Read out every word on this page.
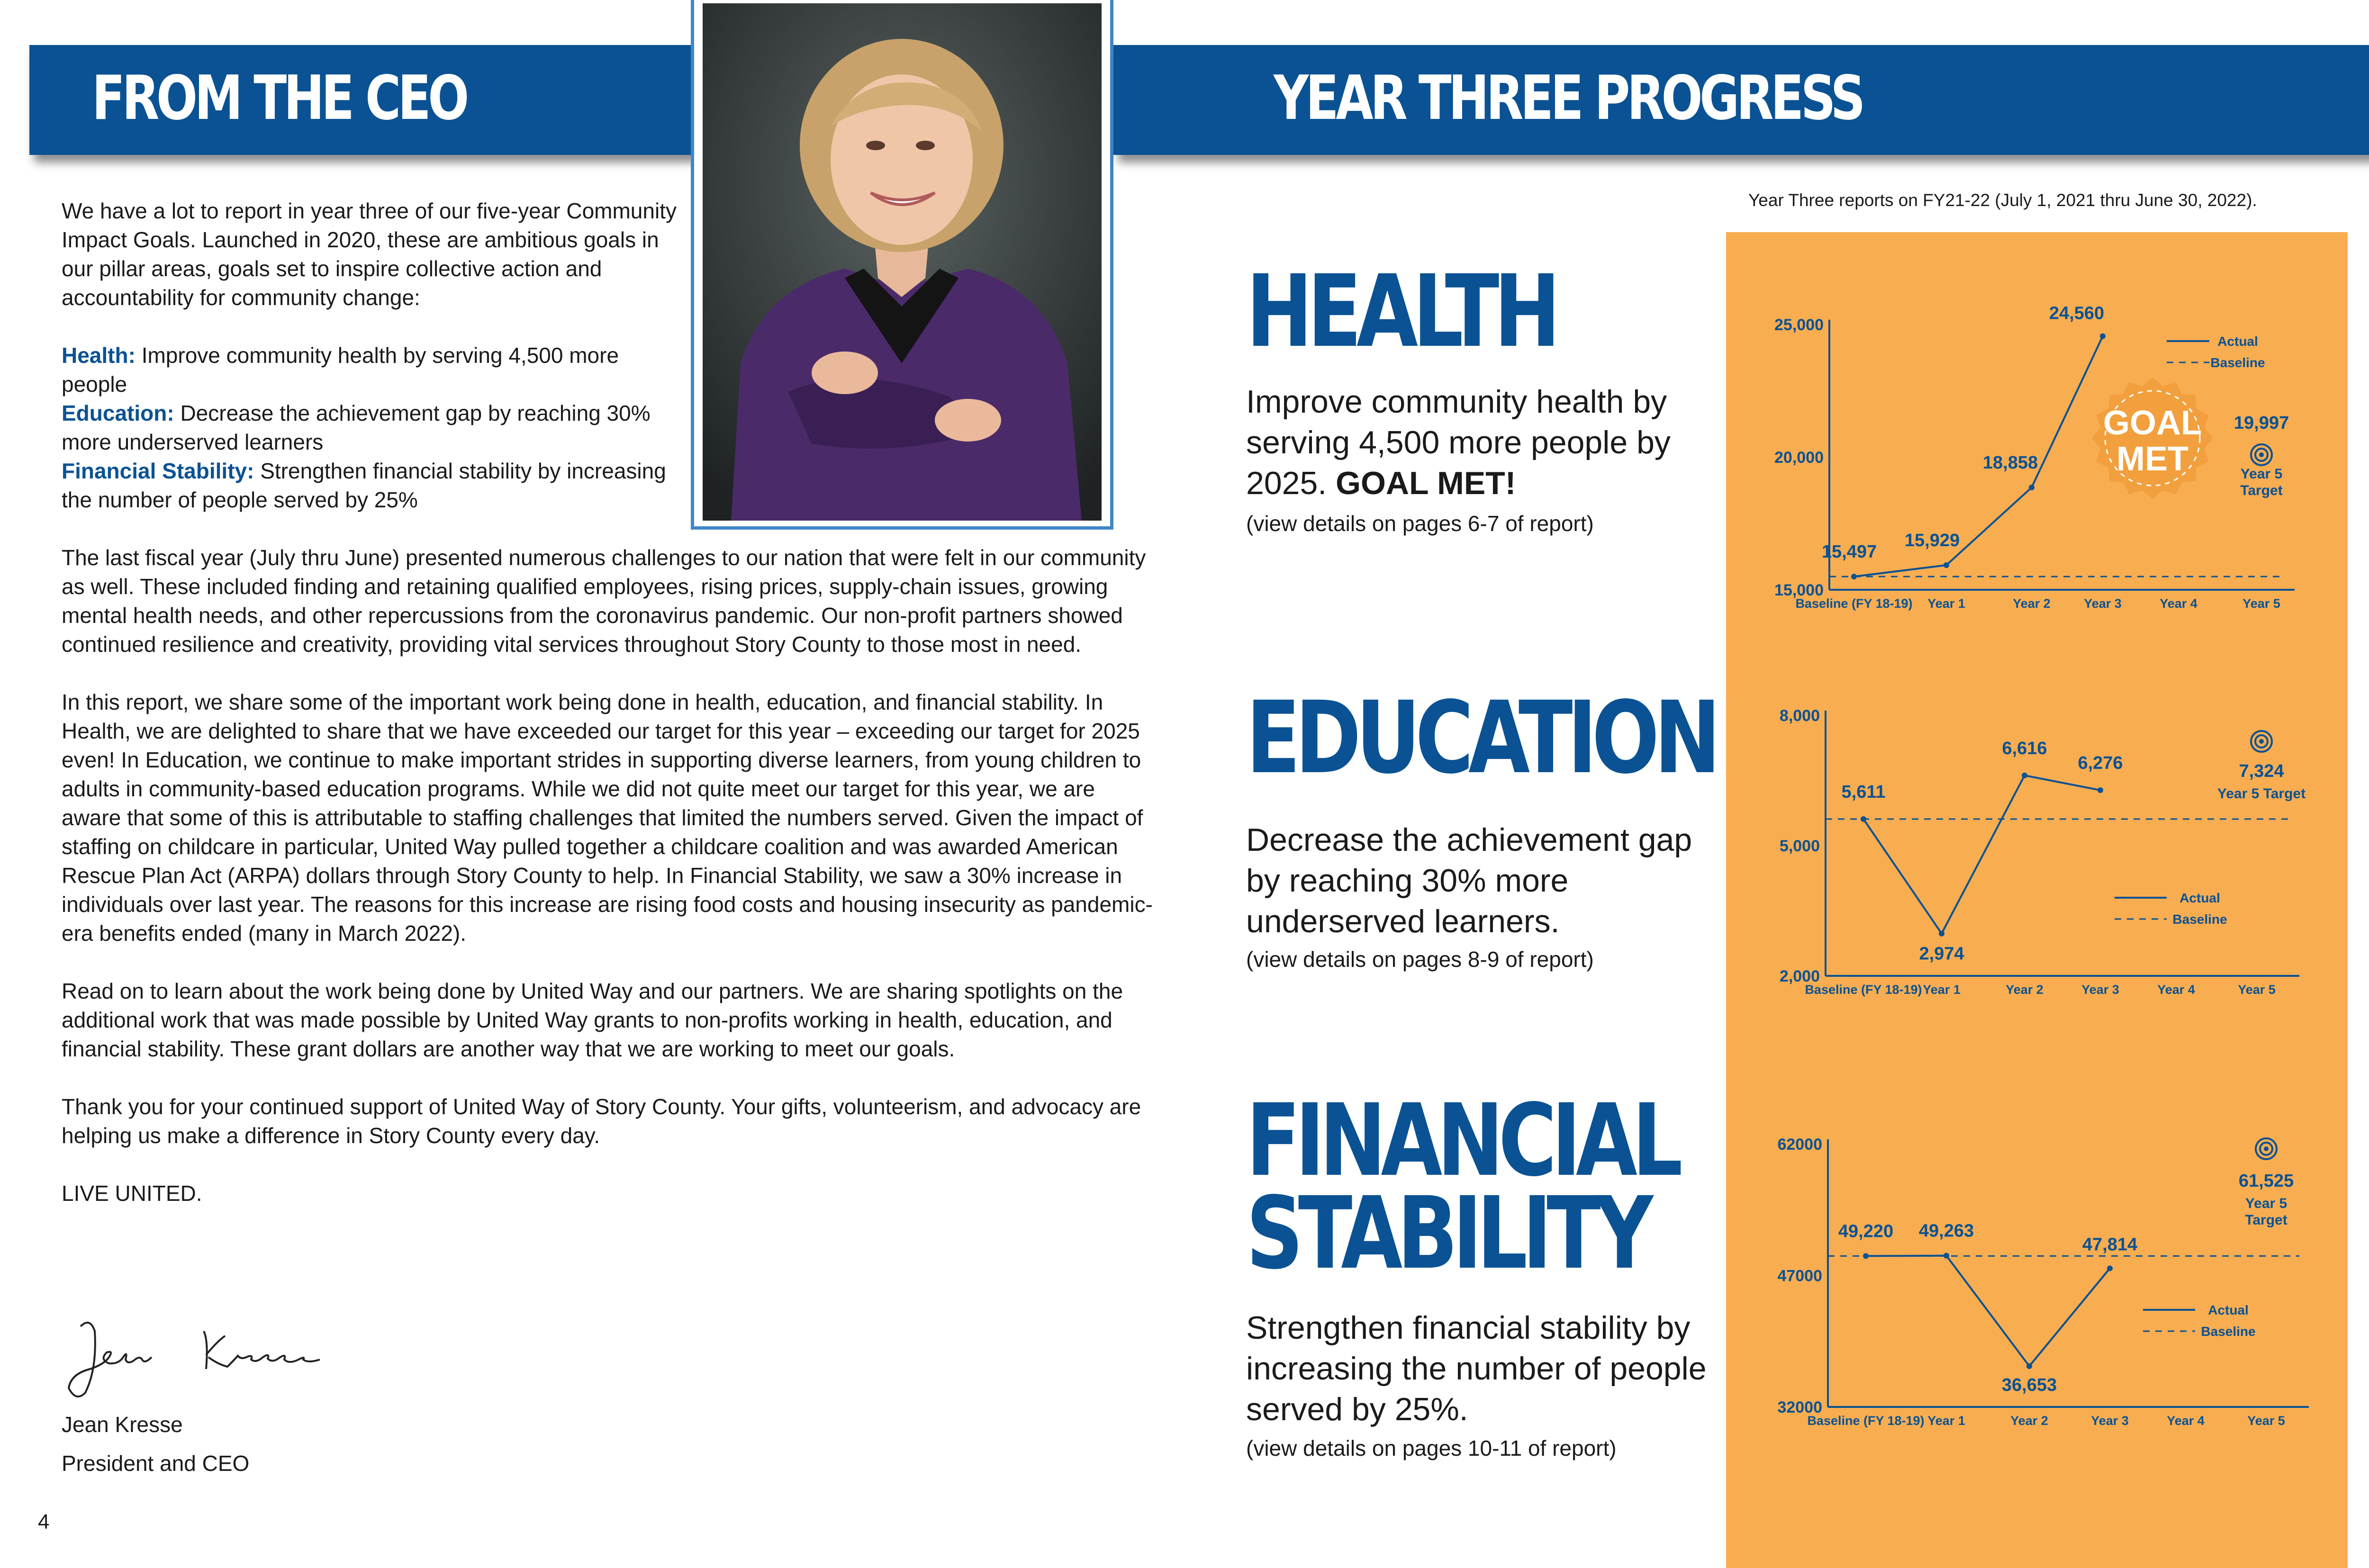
FROM THE CEO

We have a lot to report in year three of our five-year Community Impact Goals. Launched in 2020, these are ambitious goals in our pillar areas, goals set to inspire collective action and accountability for community change:

Health: Improve community health by serving 4,500 more people

Education: Decrease the achievement gap by reaching 30% more underserved learners

Financial Stability: Strengthen financial stability by increasing the number of people served by 25%

The last fiscal year (July thru June) presented numerous challenges to our nation that were felt in our community as well. These included finding and retaining qualified employees, rising prices, supply-chain issues, growing mental health needs, and other repercussions from the coronavirus pandemic. Our non-profit partners showed continued resilience and creativity, providing vital services throughout Story County to those most in need.

In this report, we share some of the important work being done in health, education, and financial stability. In Health, we are delighted to share that we have exceeded our target for this year – exceeding our target for 2025 even! In Education, we continue to make important strides in supporting diverse learners, from young children to adults in community-based education programs. While we did not quite meet our target for this year, we are aware that some of this is attributable to staffing challenges that limited the numbers served. Given the impact of staffing on childcare in particular, United Way pulled together a childcare coalition and was awarded American Rescue Plan Act (ARPA) dollars through Story County to help. In Financial Stability, we saw a 30% increase in individuals over last year. The reasons for this increase are rising food costs and housing insecurity as pandemic-era benefits ended (many in March 2022).

Read on to learn about the work being done by United Way and our partners. We are sharing spotlights on the additional work that was made possible by United Way grants to non-profits working in health, education, and financial stability. These grant dollars are another way that we are working to meet our goals.

Thank you for your continued support of United Way of Story County. Your gifts, volunteerism, and advocacy are helping us make a difference in Story County every day.

LIVE UNITED.

Jean Kresse
President and CEO
4
YEAR THREE PROGRESS
Year Three reports on FY21-22 (July 1, 2021 thru June 30, 2022).
HEALTH
Improve community health by serving 4,500 more people by 2025. GOAL MET!
(view details on pages 6-7 of report)
EDUCATION
Decrease the achievement gap by reaching 30% more underserved learners.
(view details on pages 8-9 of report)
FINANCIAL
STABILITY
Strengthen financial stability by increasing the number of people served by 25%.
(view details on pages 10-11 of report)
15,000
20,000
25,000
Baseline (FY 18-19) Year 1	Year 2	Year 3	Year 4	Year 5
15,497
15,929
18,858
24,560
19,997
Year 5
Target
Actual
Baseline
GOAL
MET
2,000
5,000
8,000
Baseline (FY 18-19) Year 1	Year 2	Year 3	Year 4	Year 5
5,611
2,974
6,616
6,276	7,324
Year 5 Target
Actual
Baseline
32000
47000
62000
Baseline (FY 18-19) Year 1	Year 2	Year 3	Year 4	Year 5
49,220 49,263
36,653
47,814
61,525
Year 5
Target
Actual
Baseline
